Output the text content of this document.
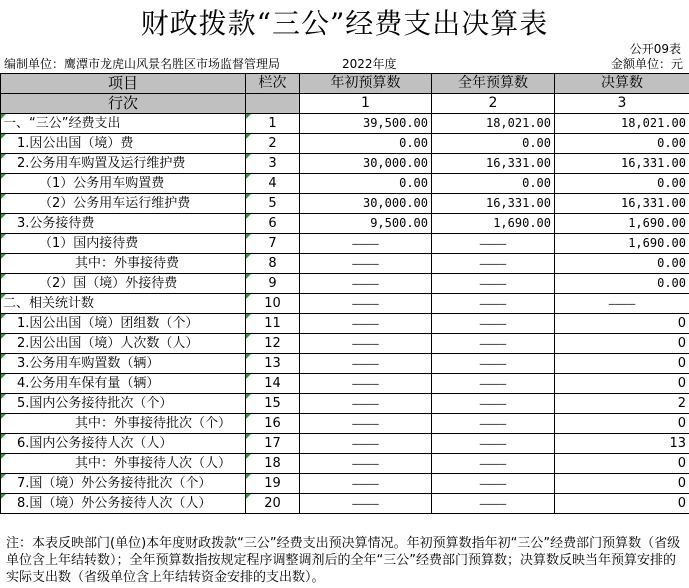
财政拨款“三公”经费支出决算表
公开09表
编制单位：鹰潭市龙虎山风景名胜区市场监督管理局	2022年度	金额单位：元
项目	栏次	年初预算数	全年预算数	决算数
行次		1	2	3
一、“三公”经费支出	1	39,500.00	18,021.00	18,021.00
1.因公出国（境）费	2	0.00	0.00	0.00
2.公务用车购置及运行维护费	3	30,000.00	16,331.00	16,331.00
（1）公务用车购置费	4	0.00	0.00	0.00
（2）公务用车运行维护费	5	30,000.00	16,331.00	16,331.00
3.公务接待费	6	9,500.00	1,690.00	1,690.00
（1）国内接待费	7	————	————	1,690.00
其中：外事接待费	8	————	————	0.00
（2）国（境）外接待费	9	————	————	0.00
二、相关统计数	10	————	————	————
1.因公出国（境）团组数（个）	11	————	————	0
2.因公出国（境）人次数（人）	12	————	————	0
3.公务用车购置数（辆）	13	————	————	0
4.公务用车保有量（辆）	14	————	————	0
5.国内公务接待批次（个）	15	————	————	2
其中：外事接待批次（个）	16	————	————	0
6.国内公务接待人次（人）	17	————	————	13
其中：外事接待人次（人）	18	————	————	0
7.国（境）外公务接待批次（个）	19	————	————	0
8.国（境）外公务接待人次（人）	20	————	————	0
注：本表反映部门(单位)本年度财政拨款“三公”经费支出预决算情况。年初预算数指年初“三公”经费部门预算数（省级单位含上年结转数）；全年预算数指按规定程序调整调剂后的全年“三公”经费部门预算数；决算数反映当年预算安排的实际支出数（省级单位含上年结转资金安排的支出数）。
